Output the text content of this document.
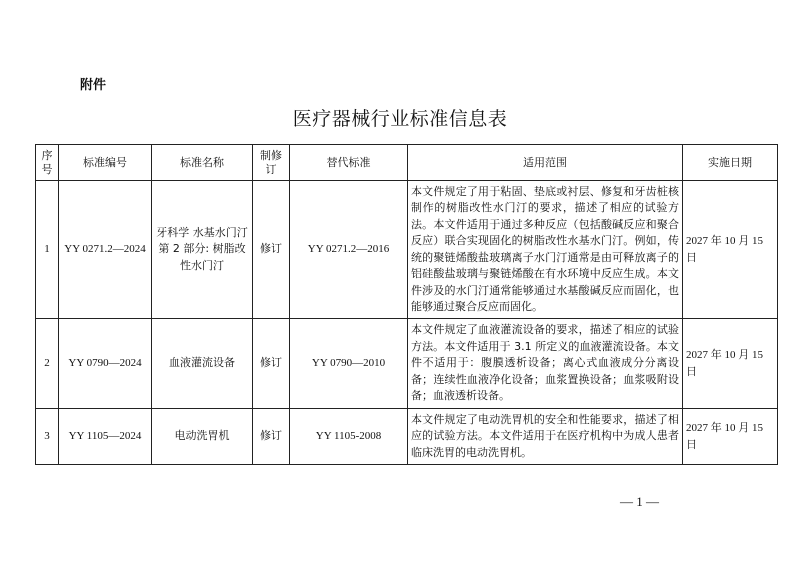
附件
医疗器械行业标准信息表
序号	标准编号	标准名称	制修订	替代标准	适用范围	实施日期
1	YY 0271.2—2024	牙科学 水基水门汀 第 2 部分: 树脂改性水门汀	修订	YY 0271.2—2016	本文件规定了用于粘固、垫底或衬层、修复和牙齿桩核制作的树脂改性水门汀的要求，描述了相应的试验方法。本文件适用于通过多种反应（包括酸碱反应和聚合反应）联合实现固化的树脂改性水基水门汀。例如，传统的聚链烯酸盐玻璃离子水门汀通常是由可释放离子的铝硅酸盐玻璃与聚链烯酸在有水环境中反应生成。本文件涉及的水门汀通常能够通过水基酸碱反应而固化，也能够通过聚合反应而固化。	2027 年 10 月 15 日
2	YY 0790—2024	血液灌流设备	修订	YY 0790—2010	本文件规定了血液灌流设备的要求，描述了相应的试验方法。本文件适用于 3.1 所定义的血液灌流设备。本文件不适用于：腹膜透析设备；离心式血液成分分离设备；连续性血液净化设备；血浆置换设备；血浆吸附设备；血液透析设备。	2027 年 10 月 15 日
3	YY 1105—2024	电动洗胃机	修订	YY 1105-2008	本文件规定了电动洗胃机的安全和性能要求，描述了相应的试验方法。本文件适用于在医疗机构中为成人患者临床洗胃的电动洗胃机。	2027 年 10 月 15 日
— 1 —
